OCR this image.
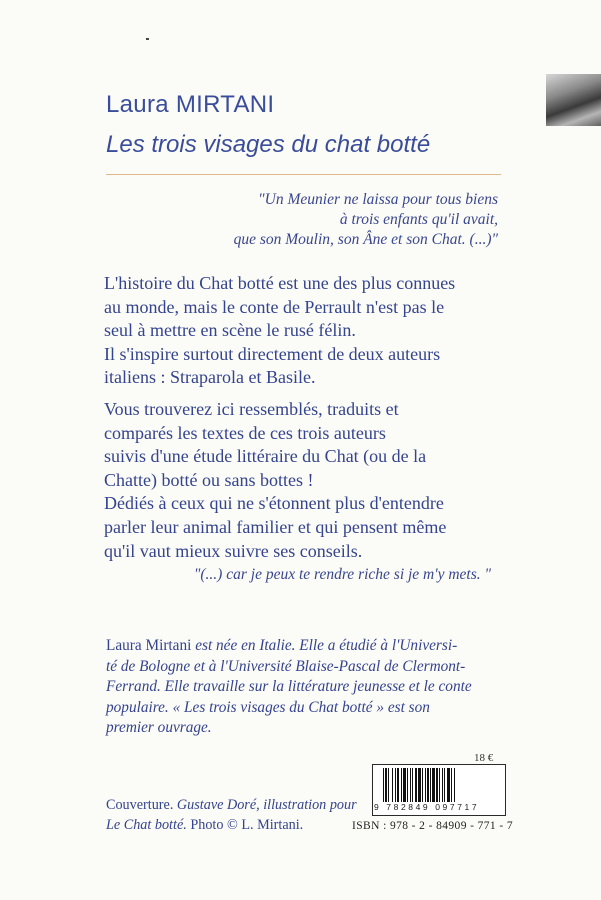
Laura MIRTANI
Les trois visages du chat botté
"Un Meunier ne laissa pour tous biens
à trois enfants qu'il avait,
que son Moulin, son Âne et son Chat. (...)"
L'histoire du Chat botté est une des plus connues
au monde, mais le conte de Perrault n'est pas le
seul à mettre en scène le rusé félin.
Il s'inspire surtout directement de deux auteurs
italiens : Straparola et Basile.
Vous trouverez ici ressemblés, traduits et
comparés les textes de ces trois auteurs
suivis d'une étude littéraire du Chat (ou de la
Chatte) botté ou sans bottes !
Dédiés à ceux qui ne s'étonnent plus d'entendre
parler leur animal familier et qui pensent même
qu'il vaut mieux suivre ses conseils.
"(...) car je peux te rendre riche si je m'y mets. "
Laura Mirtani est née en Italie. Elle a étudié à l'Universi-
té de Bologne et à l'Université Blaise-Pascal de Clermont-
Ferrand. Elle travaille sur la littérature jeunesse et le conte
populaire. « Les trois visages du Chat botté » est son
premier ouvrage.
18 €
9 782849 097717
ISBN : 978 - 2 - 84909 - 771 - 7
Couverture. Gustave Doré, illustration pour
Le Chat botté. Photo © L. Mirtani.
